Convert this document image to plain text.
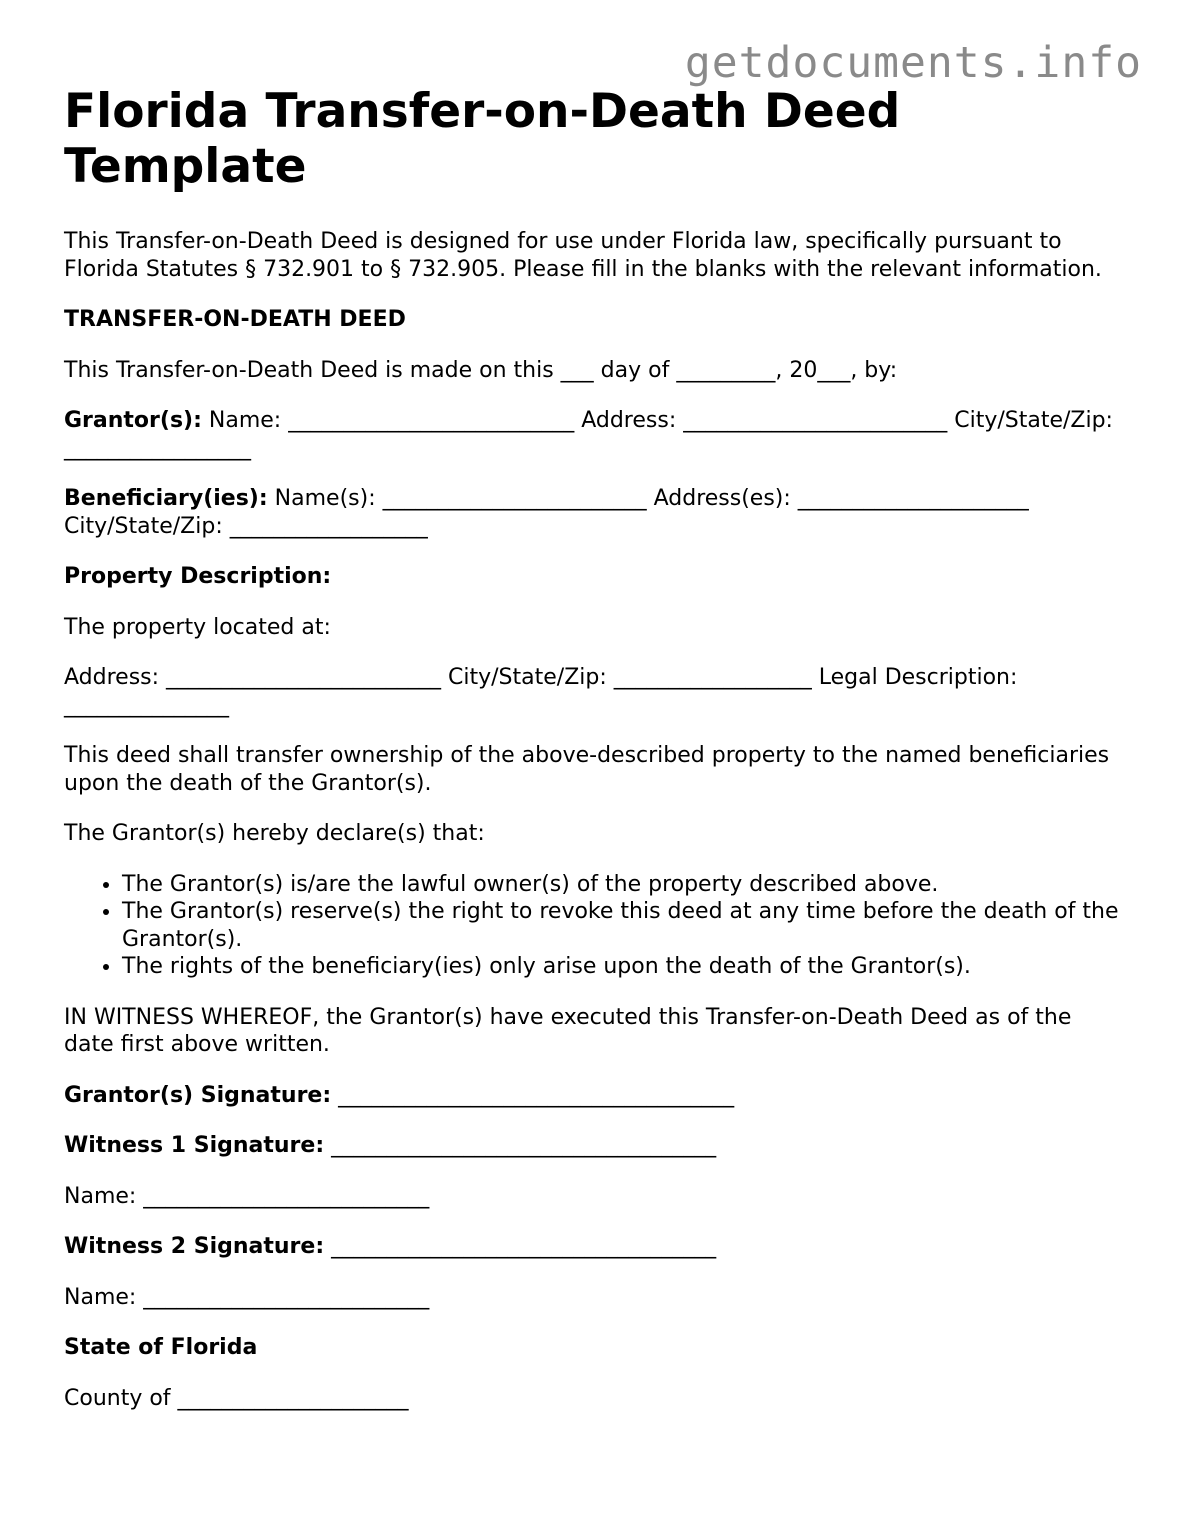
getdocuments.info
Florida Transfer-on-Death Deed Template

This Transfer-on-Death Deed is designed for use under Florida law, specifically pursuant to Florida Statutes § 732.901 to § 732.905. Please fill in the blanks with the relevant information.

TRANSFER-ON-DEATH DEED

This Transfer-on-Death Deed is made on this ___ day of _________, 20___, by:

Grantor(s): Name: __________________________ Address: ________________________ City/State/Zip: _________________

Beneficiary(ies): Name(s): ________________________ Address(es): _____________________ City/State/Zip: __________________

Property Description:

The property located at:

Address: _________________________ City/State/Zip: __________________ Legal Description: _______________

This deed shall transfer ownership of the above-described property to the named beneficiaries upon the death of the Grantor(s).

The Grantor(s) hereby declare(s) that:

• The Grantor(s) is/are the lawful owner(s) of the property described above.
• The Grantor(s) reserve(s) the right to revoke this deed at any time before the death of the Grantor(s).
• The rights of the beneficiary(ies) only arise upon the death of the Grantor(s).

IN WITNESS WHEREOF, the Grantor(s) have executed this Transfer-on-Death Deed as of the date first above written.

Grantor(s) Signature: ____________________________________

Witness 1 Signature: ___________________________________

Name: __________________________

Witness 2 Signature: ___________________________________

Name: __________________________

State of Florida

County of _____________________
